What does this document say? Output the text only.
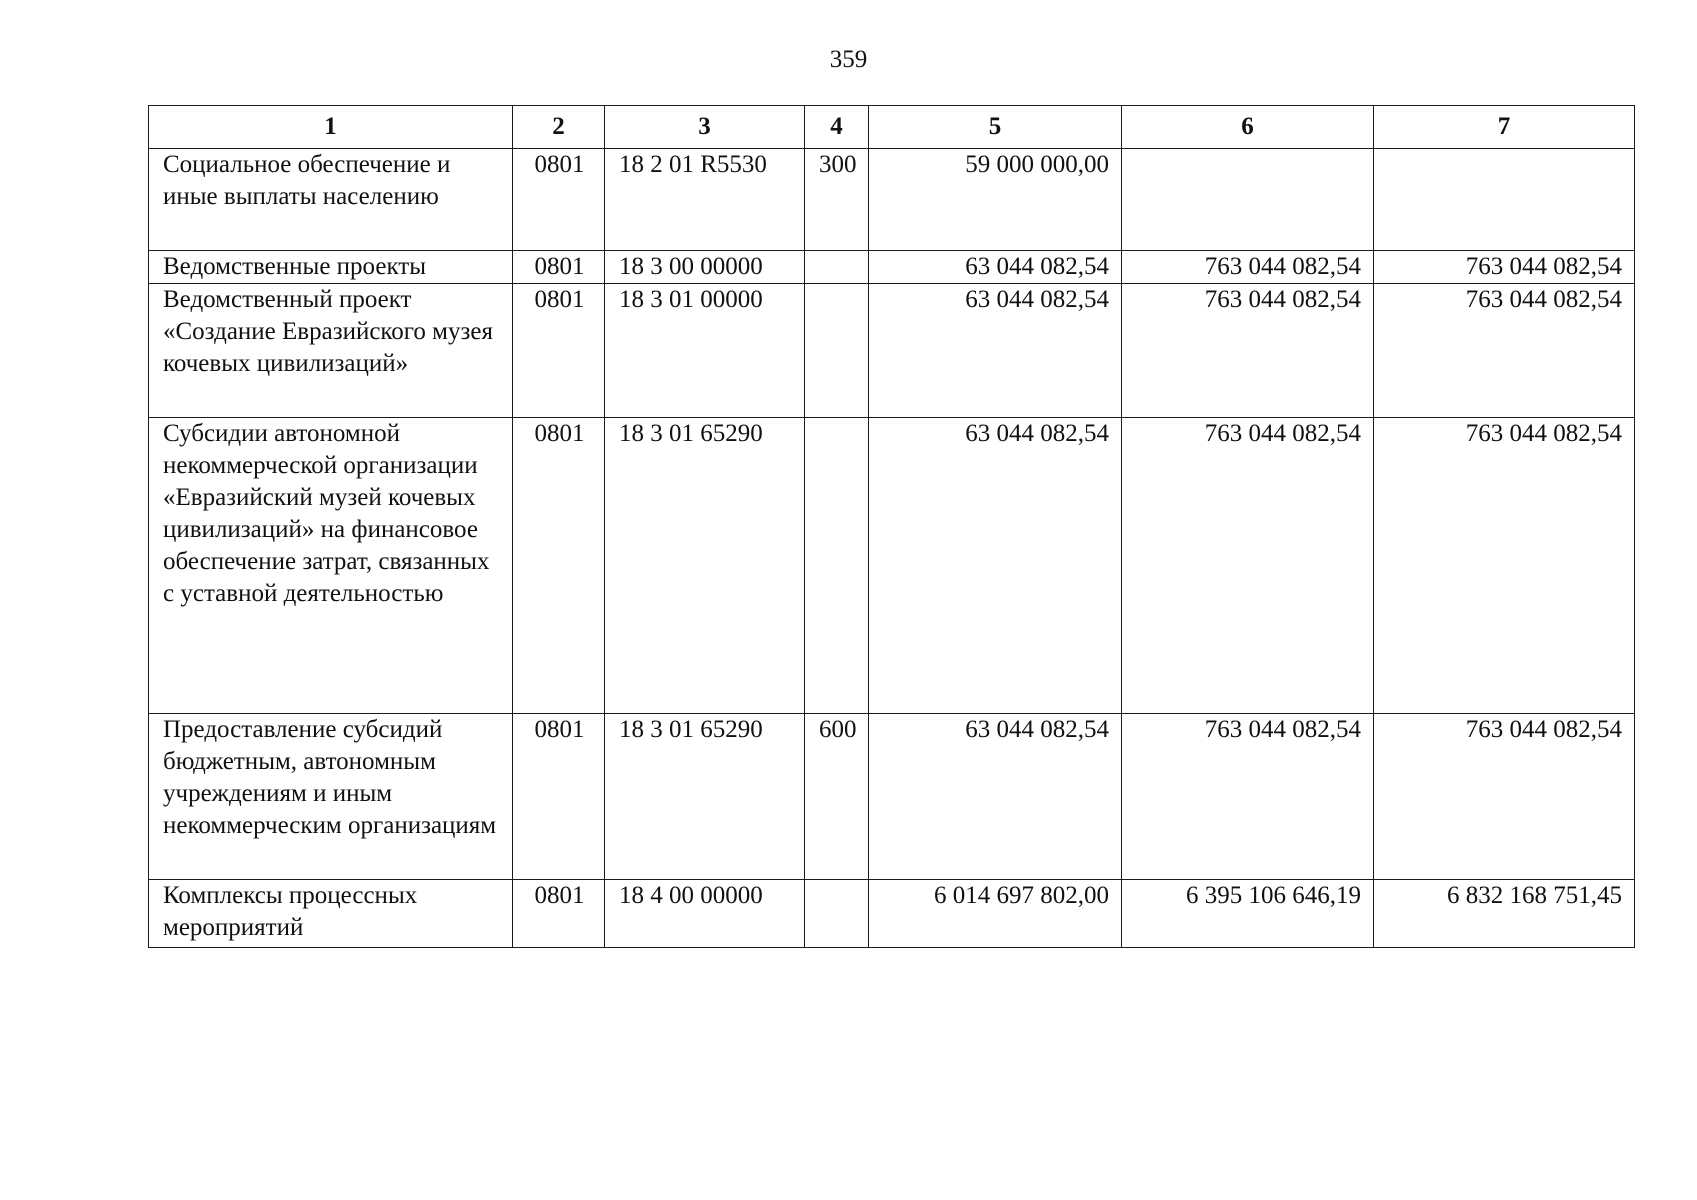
359
1	2	3	4	5	6	7
Социальное обеспечение и иные выплаты населению	0801	18 2 01 R5530	300	59 000 000,00		
Ведомственные проекты	0801	18 3 00 00000		63 044 082,54	763 044 082,54	763 044 082,54
Ведомственный проект «Создание Евразийского музея кочевых цивилизаций»	0801	18 3 01 00000		63 044 082,54	763 044 082,54	763 044 082,54
Субсидии автономной некоммерческой организации «Евразийский музей кочевых цивилизаций» на финансовое обеспечение затрат, связанных с уставной деятельностью	0801	18 3 01 65290		63 044 082,54	763 044 082,54	763 044 082,54
Предоставление субсидий бюджетным, автономным учреждениям и иным некоммерческим организациям	0801	18 3 01 65290	600	63 044 082,54	763 044 082,54	763 044 082,54
Комплексы процессных мероприятий	0801	18 4 00 00000		6 014 697 802,00	6 395 106 646,19	6 832 168 751,45
